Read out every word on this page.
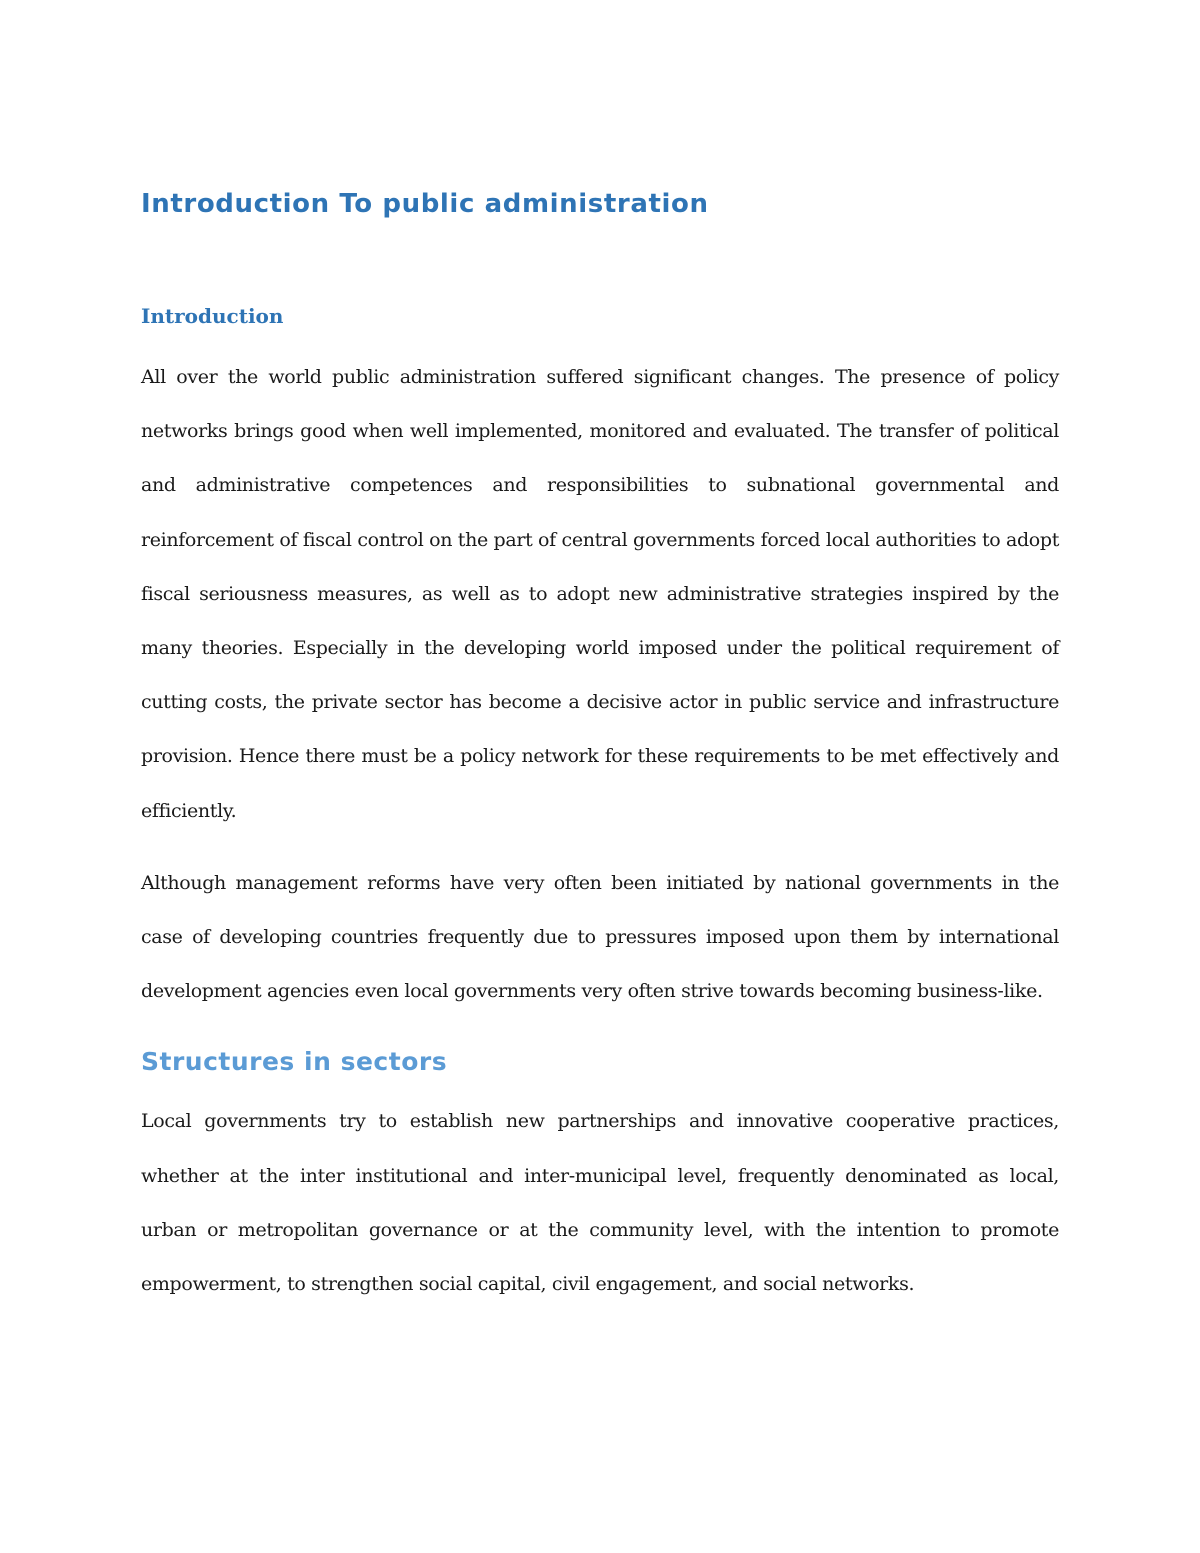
Introduction To public administration
Introduction

All over the world public administration suffered significant changes. The presence of policy networks brings good when well implemented, monitored and evaluated. The transfer of political and administrative competences and responsibilities to subnational governmental and reinforcement of fiscal control on the part of central governments forced local authorities to adopt fiscal seriousness measures, as well as to adopt new administrative strategies inspired by the many theories. Especially in the developing world imposed under the political requirement of cutting costs, the private sector has become a decisive actor in public service and infrastructure provision. Hence there must be a policy network for these requirements to be met effectively and efficiently.

Although management reforms have very often been initiated by national governments in the case of developing countries frequently due to pressures imposed upon them by international development agencies even local governments very often strive towards becoming business-like.

Structures in sectors

Local governments try to establish new partnerships and innovative cooperative practices, whether at the inter institutional and inter-municipal level, frequently denominated as local, urban or metropolitan governance or at the community level, with the intention to promote empowerment, to strengthen social capital, civil engagement, and social networks.
